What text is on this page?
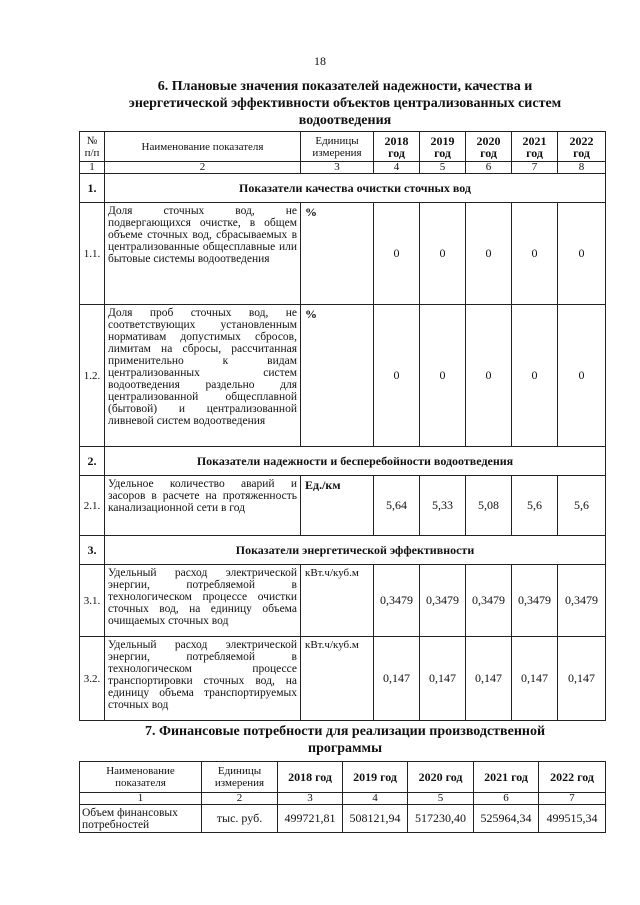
18
6. Плановые значения показателей надежности, качества и
энергетической эффективности объектов централизованных систем
водоотведения
№ п/п	Наименование показателя	Единицы измерения	2018 год	2019 год	2020 год	2021 год	2022 год
1	2	3	4	5	6	7	8
1.	Показатели качества очистки сточных вод						
1.1.	Доля сточных вод, не подвергающихся очистке, в общем объеме сточных вод, сбрасываемых в централизованные общесплавные или бытовые системы водоотведения	%	0	0	0	0	0
1.2.	Доля проб сточных вод, не соответствующих установленным нормативам допустимых сбросов, лимитам на сбросы, рассчитанная применительно к видам централизованных систем водоотведения раздельно для централизованной общесплавной (бытовой) и централизованной ливневой систем водоотведения	%	0	0	0	0	0
2.	Показатели надежности и бесперебойности водоотведения						
2.1.	Удельное количество аварий и засоров в расчете на протяженность канализационной сети в год	Ед./км	5,64	5,33	5,08	5,6	5,6
3.	Показатели энергетической эффективности						
3.1.	Удельный расход электрической энергии, потребляемой в технологическом процессе очистки сточных вод, на единицу объема очищаемых сточных вод	кВт.ч/куб.м	0,3479	0,3479	0,3479	0,3479	0,3479
3.2.	Удельный расход электрической энергии, потребляемой в технологическом процессе транспортировки сточных вод, на единицу объема транспортируемых сточных вод	кВт.ч/куб.м	0,147	0,147	0,147	0,147	0,147
7. Финансовые потребности для реализации производственной
программы
Наименование показателя	Единицы измерения	2018 год	2019 год	2020 год	2021 год	2022 год
1	2	3	4	5	6	7
Объем финансовых потребностей	тыс. руб.	499721,81	508121,94	517230,40	525964,34	499515,34
